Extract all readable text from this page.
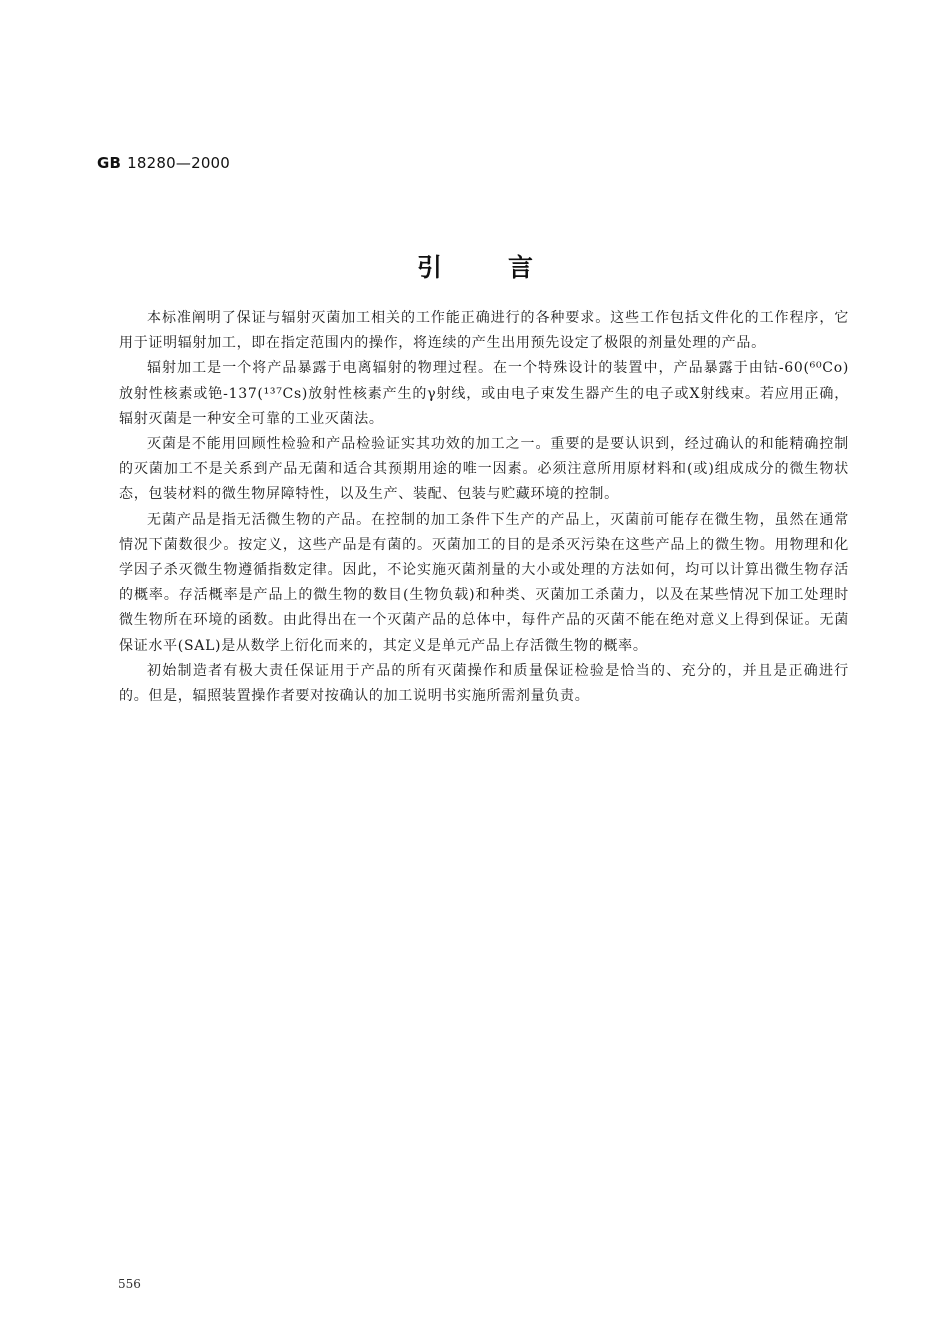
GB 18280—2000
引言

本标准阐明了保证与辐射灭菌加工相关的工作能正确进行的各种要求。这些工作包括文件化的工作程序，它用于证明辐射加工，即在指定范围内的操作，将连续的产生出用预先设定了极限的剂量处理的产品。

辐射加工是一个将产品暴露于电离辐射的物理过程。在一个特殊设计的装置中，产品暴露于由钴-60(⁶⁰Co)放射性核素或铯-137(¹³⁷Cs)放射性核素产生的γ射线，或由电子束发生器产生的电子或X射线束。若应用正确，辐射灭菌是一种安全可靠的工业灭菌法。

灭菌是不能用回顾性检验和产品检验证实其功效的加工之一。重要的是要认识到，经过确认的和能精确控制的灭菌加工不是关系到产品无菌和适合其预期用途的唯一因素。必须注意所用原材料和(或)组成成分的微生物状态，包装材料的微生物屏障特性，以及生产、装配、包装与贮藏环境的控制。

无菌产品是指无活微生物的产品。在控制的加工条件下生产的产品上，灭菌前可能存在微生物，虽然在通常情况下菌数很少。按定义，这些产品是有菌的。灭菌加工的目的是杀灭污染在这些产品上的微生物。用物理和化学因子杀灭微生物遵循指数定律。因此，不论实施灭菌剂量的大小或处理的方法如何，均可以计算出微生物存活的概率。存活概率是产品上的微生物的数目(生物负载)和种类、灭菌加工杀菌力，以及在某些情况下加工处理时微生物所在环境的函数。由此得出在一个灭菌产品的总体中，每件产品的灭菌不能在绝对意义上得到保证。无菌保证水平(SAL)是从数学上衍化而来的，其定义是单元产品上存活微生物的概率。

初始制造者有极大责任保证用于产品的所有灭菌操作和质量保证检验是恰当的、充分的，并且是正确进行的。但是，辐照装置操作者要对按确认的加工说明书实施所需剂量负责。

556
